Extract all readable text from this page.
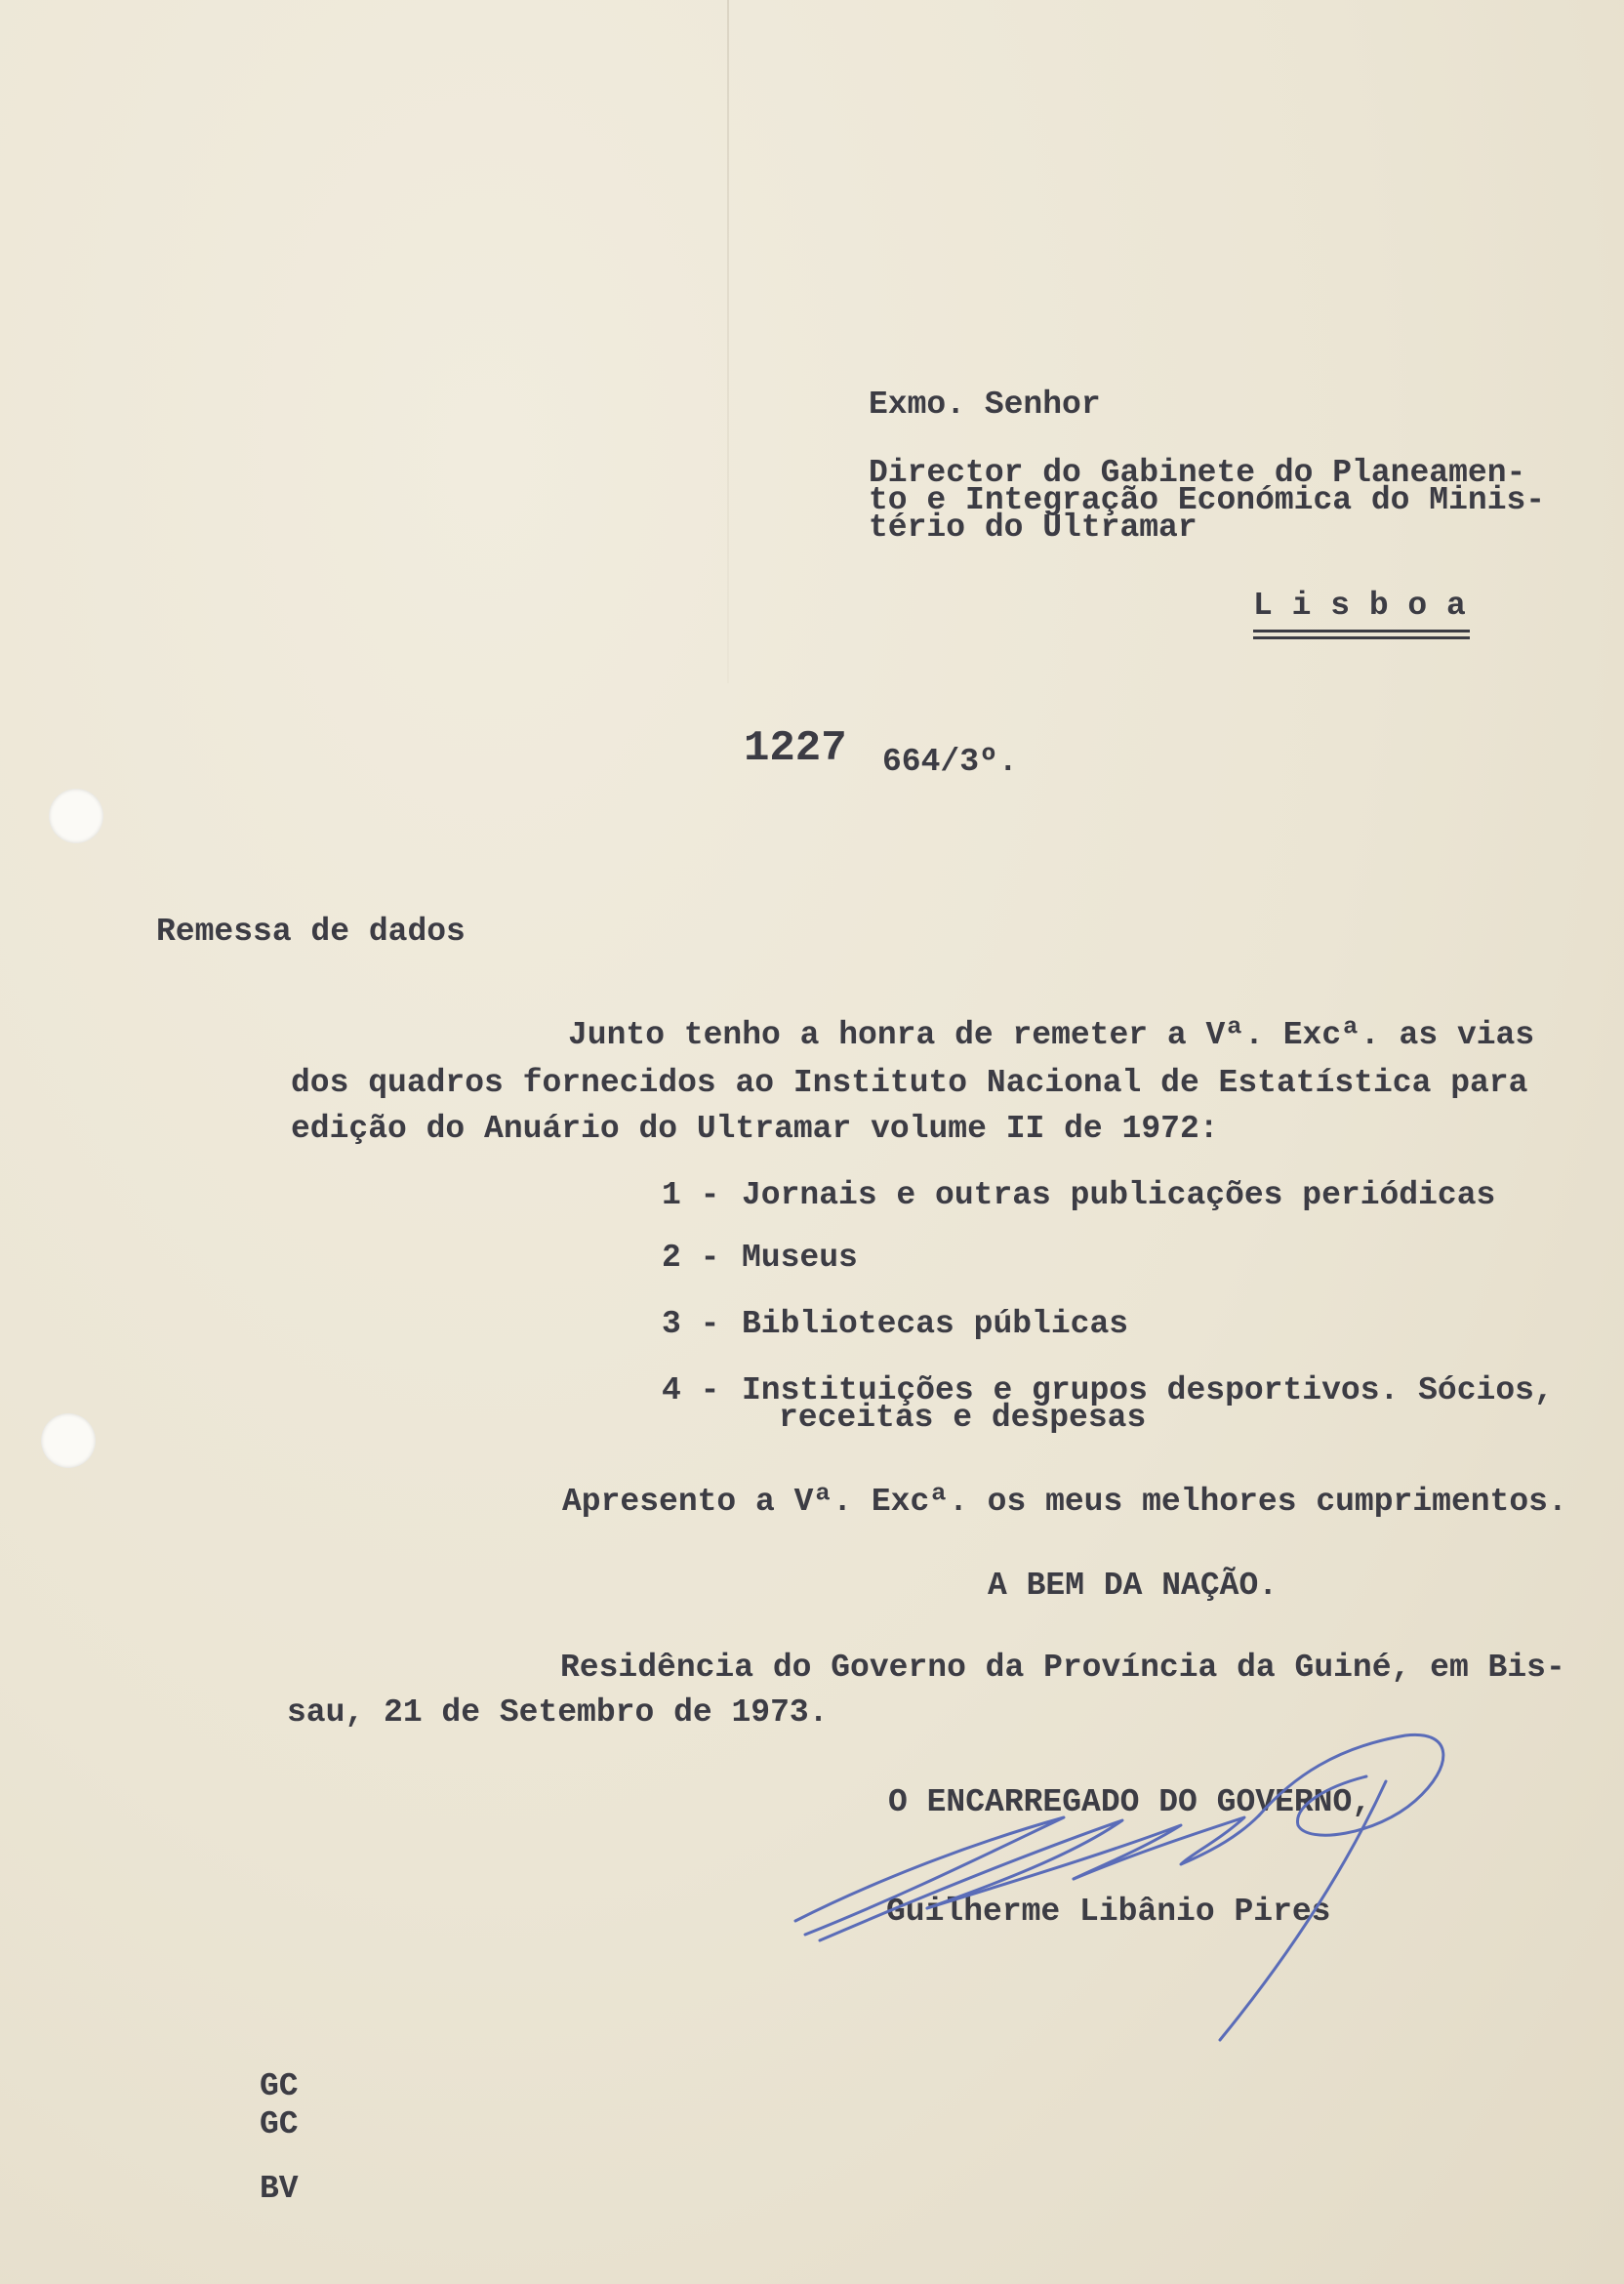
Exmo. Senhor

Director do Gabinete do Planeamen-

to e Integração Económica do Minis-

tério do Ultramar

L i s b o a

1227 664/3º.

Remessa de dados

Junto tenho a honra de remeter a Vª. Excª. as vias

dos quadros fornecidos ao Instituto Nacional de Estatística para

edição do Anuário do Ultramar volume II de 1972:

1 - Jornais e outras publicações periódicas

2 - Museus

3 - Bibliotecas públicas

4 - Instituições e grupos desportivos. Sócios,

receitas e despesas

Apresento a Vª. Excª. os meus melhores cumprimentos.

A BEM DA NAÇÃO.

Residência do Governo da Província da Guiné, em Bis-

sau, 21 de Setembro de 1973.

O ENCARREGADO DO GOVERNO,

Guilherme Libânio Pires

GC

GC

BV
